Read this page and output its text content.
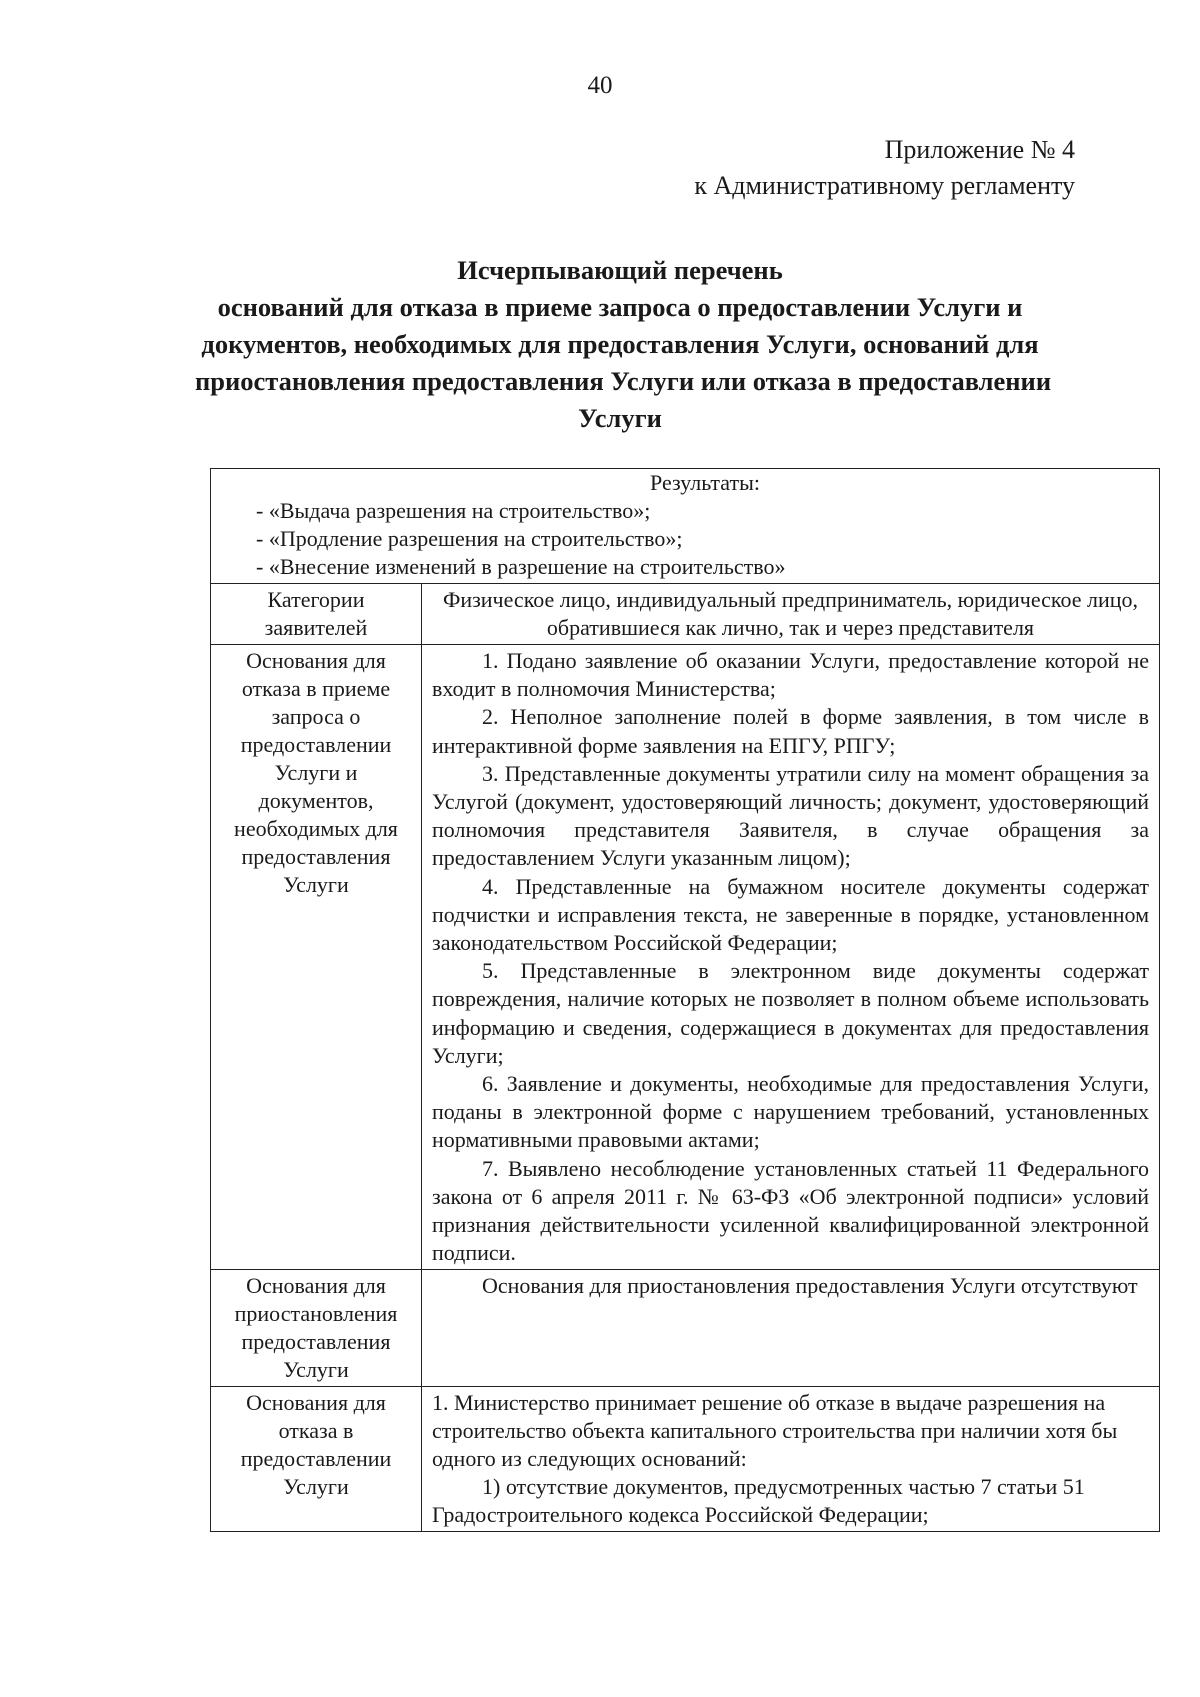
40
Приложение № 4
к Административному регламенту
Исчерпывающий перечень
оснований для отказа в приеме запроса о предоставлении Услуги и
документов, необходимых для предоставления Услуги, оснований для
приостановления предоставления Услуги или отказа в предоставлении
Услуги
Результаты:
- «Выдача разрешения на строительство»;
- «Продление разрешения на строительство»;
- «Внесение изменений в разрешение на строительство»
Категории
заявителей
Физическое лицо, индивидуальный предприниматель, юридическое лицо, обратившиеся как лично, так и через представителя
Основания для
отказа в приеме
запроса о
предоставлении
Услуги и
документов,
необходимых для
предоставления
Услуги

1. Подано заявление об оказании Услуги, предоставление которой не входит в полномочия Министерства;

2. Неполное заполнение полей в форме заявления, в том числе в интерактивной форме заявления на ЕПГУ, РПГУ;

3. Представленные документы утратили силу на момент обращения за Услугой (документ, удостоверяющий личность; документ, удостоверяющий полномочия представителя Заявителя, в случае обращения за предоставлением Услуги указанным лицом);

4. Представленные на бумажном носителе документы содержат подчистки и исправления текста, не заверенные в порядке, установленном законодательством Российской Федерации;

5. Представленные в электронном виде документы содержат повреждения, наличие которых не позволяет в полном объеме использовать информацию и сведения, содержащиеся в документах для предоставления Услуги;

6. Заявление и документы, необходимые для предоставления Услуги, поданы в электронной форме с нарушением требований, установленных нормативными правовыми актами;

7. Выявлено несоблюдение установленных статьей 11 Федерального закона от 6 апреля 2011 г. № 63-ФЗ «Об электронной подписи» условий признания действительности усиленной квалифицированной электронной подписи.

Основания для
приостановления
предоставления
Услуги

Основания для приостановления предоставления Услуги отсутствуют

Основания для
отказа в
предоставлении
Услуги

1. Министерство принимает решение об отказе в выдаче разрешения на строительство объекта капитального строительства при наличии хотя бы одного из следующих оснований:

1) отсутствие документов, предусмотренных частью 7 статьи 51 Градостроительного кодекса Российской Федерации;
